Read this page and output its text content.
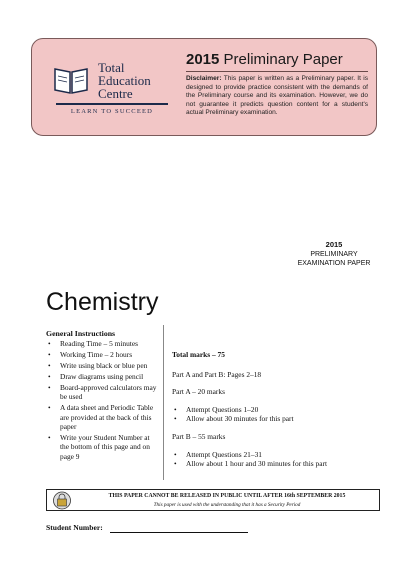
Total
Education
Centre
LEARN TO SUCCEED
2015 Preliminary Paper
Disclaimer: This paper is written as a Preliminary paper. It is designed to provide practice consistent with the demands of the Preliminary course and its examination. However, we do not guarantee it predicts question content for a student's actual Preliminary examination.
2015
PRELIMINARY
EXAMINATION PAPER
Chemistry
General Instructions
• Reading Time – 5 minutes
• Working Time – 2 hours
• Write using black or blue pen
• Draw diagrams using pencil
• Board-approved calculators may be used
• A data sheet and Periodic Table are provided at the back of this paper
• Write your Student Number at the bottom of this page and on page 9
Total marks – 75

Part A and Part B: Pages 2–18

Part A – 20 marks

• Attempt Questions 1–20
• Allow about 30 minutes for this part

Part B – 55 marks

• Attempt Questions 21–31
• Allow about 1 hour and 30 minutes for this part
THIS PAPER CANNOT BE RELEASED IN PUBLIC UNTIL AFTER 16th SEPTEMBER 2015
This paper is used with the understanding that it has a Security Period
Student Number:
